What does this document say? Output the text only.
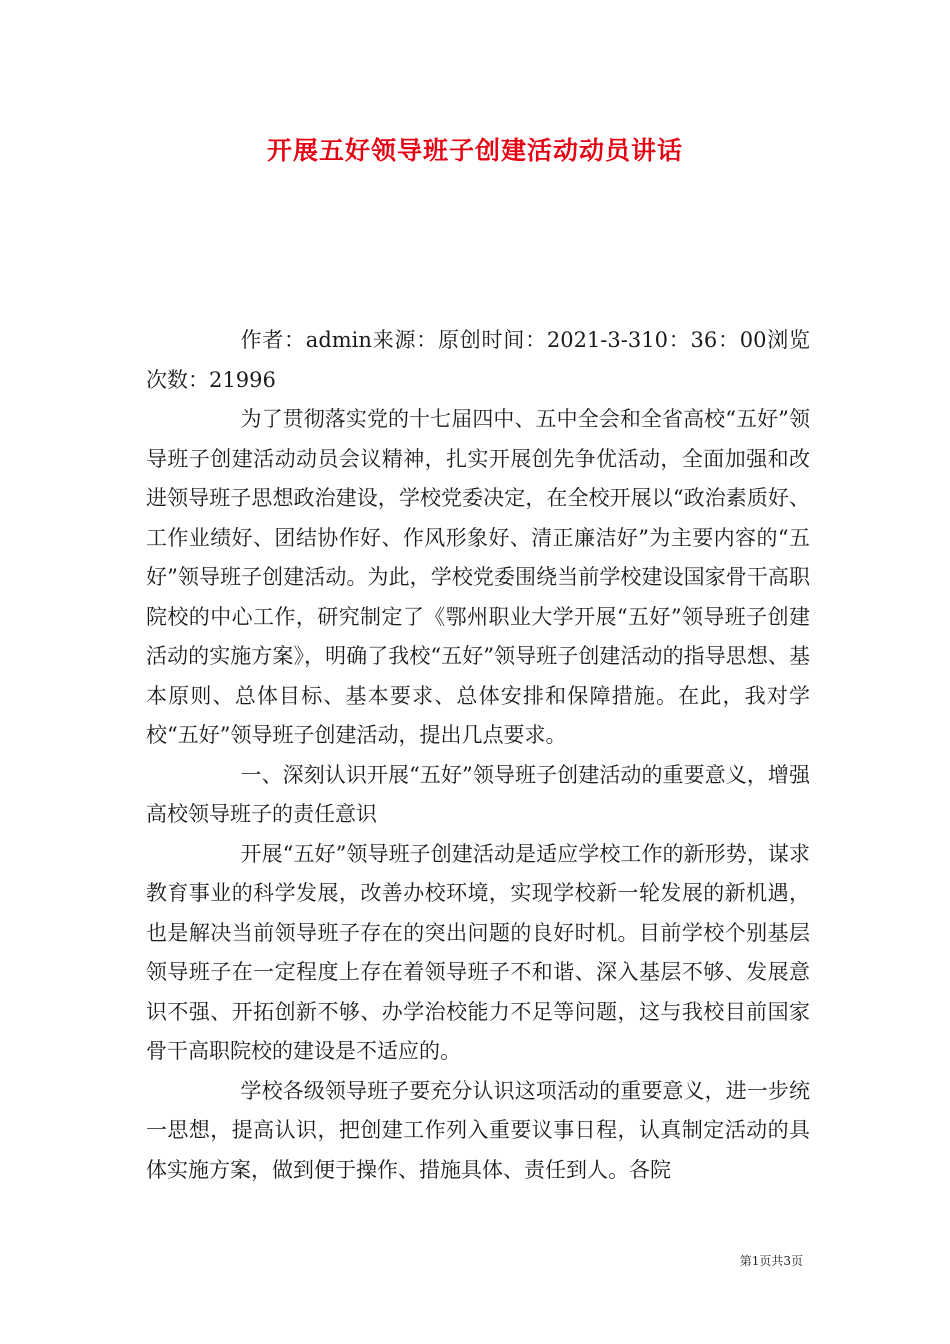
开展五好领导班子创建活动动员讲话
作者：admin来源：原创时间：2021-3-310：36：00浏览次数：21996

为了贯彻落实党的十七届四中、五中全会和全省高校“五好”领导班子创建活动动员会议精神，扎实开展创先争优活动，全面加强和改进领导班子思想政治建设，学校党委决定，在全校开展以“政治素质好、工作业绩好、团结协作好、作风形象好、清正廉洁好”为主要内容的“五好”领导班子创建活动。为此，学校党委围绕当前学校建设国家骨干高职院校的中心工作，研究制定了《鄂州职业大学开展“五好”领导班子创建活动的实施方案》，明确了我校“五好”领导班子创建活动的指导思想、基本原则、总体目标、基本要求、总体安排和保障措施。在此，我对学校“五好”领导班子创建活动，提出几点要求。

一、深刻认识开展“五好”领导班子创建活动的重要意义，增强高校领导班子的责任意识

开展“五好”领导班子创建活动是适应学校工作的新形势，谋求教育事业的科学发展，改善办校环境，实现学校新一轮发展的新机遇，也是解决当前领导班子存在的突出问题的良好时机。目前学校个别基层领导班子在一定程度上存在着领导班子不和谐、深入基层不够、发展意识不强、开拓创新不够、办学治校能力不足等问题，这与我校目前国家骨干高职院校的建设是不适应的。

学校各级领导班子要充分认识这项活动的重要意义，进一步统一思想，提高认识，把创建工作列入重要议事日程，认真制定活动的具体实施方案，做到便于操作、措施具体、责任到人。各院

第1页共3页
